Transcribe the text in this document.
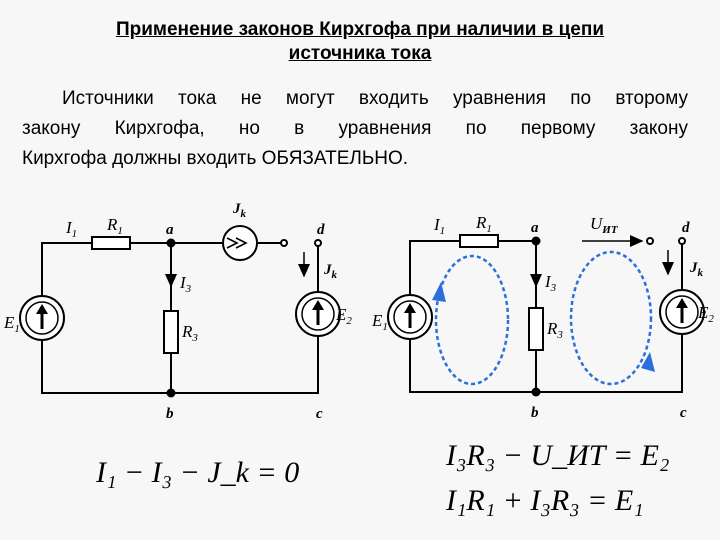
Применение законов Кирхгофа при наличии в цепи
источника тока
Источники тока не могут входить уравнения по второму
закону Кирхгофа, но в уравнения по первому закону
Кирхгофа должны входить ОБЯЗАТЕЛЬНО.
$I_1$ $R_1$	a
$J_k$
d
$J_k$
$I_3$
$R_3$
$E_1$
$E_2$
b	c
$I_1$ $R_1$	a	$U_{ИТ}$	d
$J_k$
$I_3$
$R_3$
$E_1$
$E_2$
b	c
I₁ − I₃ − J_k = 0
I₃R₃ − U_ИТ = E₂
I₁R₁ + I₃R₃ = E₁
